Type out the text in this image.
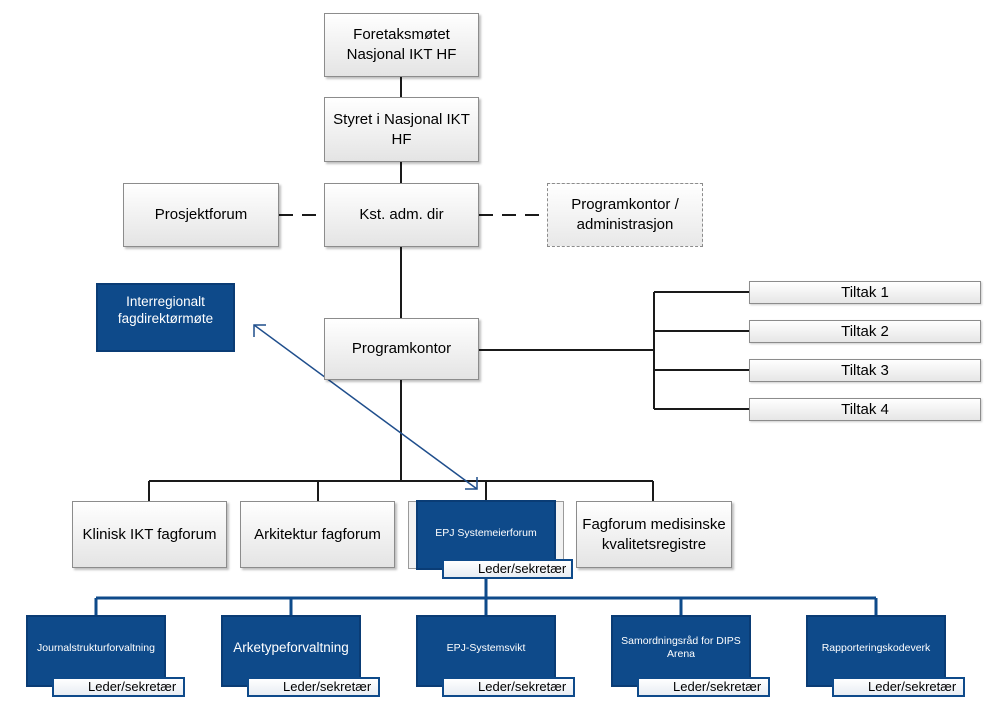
Foretaksmøtet Nasjonal IKT HF
Styret i Nasjonal IKT HF
Kst. adm. dir
Prosjektforum
Programkontor / administrasjon
Interregionalt fagdirektørmøte
Programkontor
Tiltak 1
Tiltak 2
Tiltak 3
Tiltak 4
Klinisk IKT fagforum	Arkitektur fagforum	EPJ Systemeierforum
Leder/sekretær
Fagforum medisinske kvalitetsregistre
Journalstrukturforvaltning
Leder/sekretær
Arketypeforvaltning
Leder/sekretær
EPJ-Systemsvikt
Leder/sekretær
Samordningsråd for DIPS Arena
Leder/sekretær
Rapporteringskodeverk
Leder/sekretær
